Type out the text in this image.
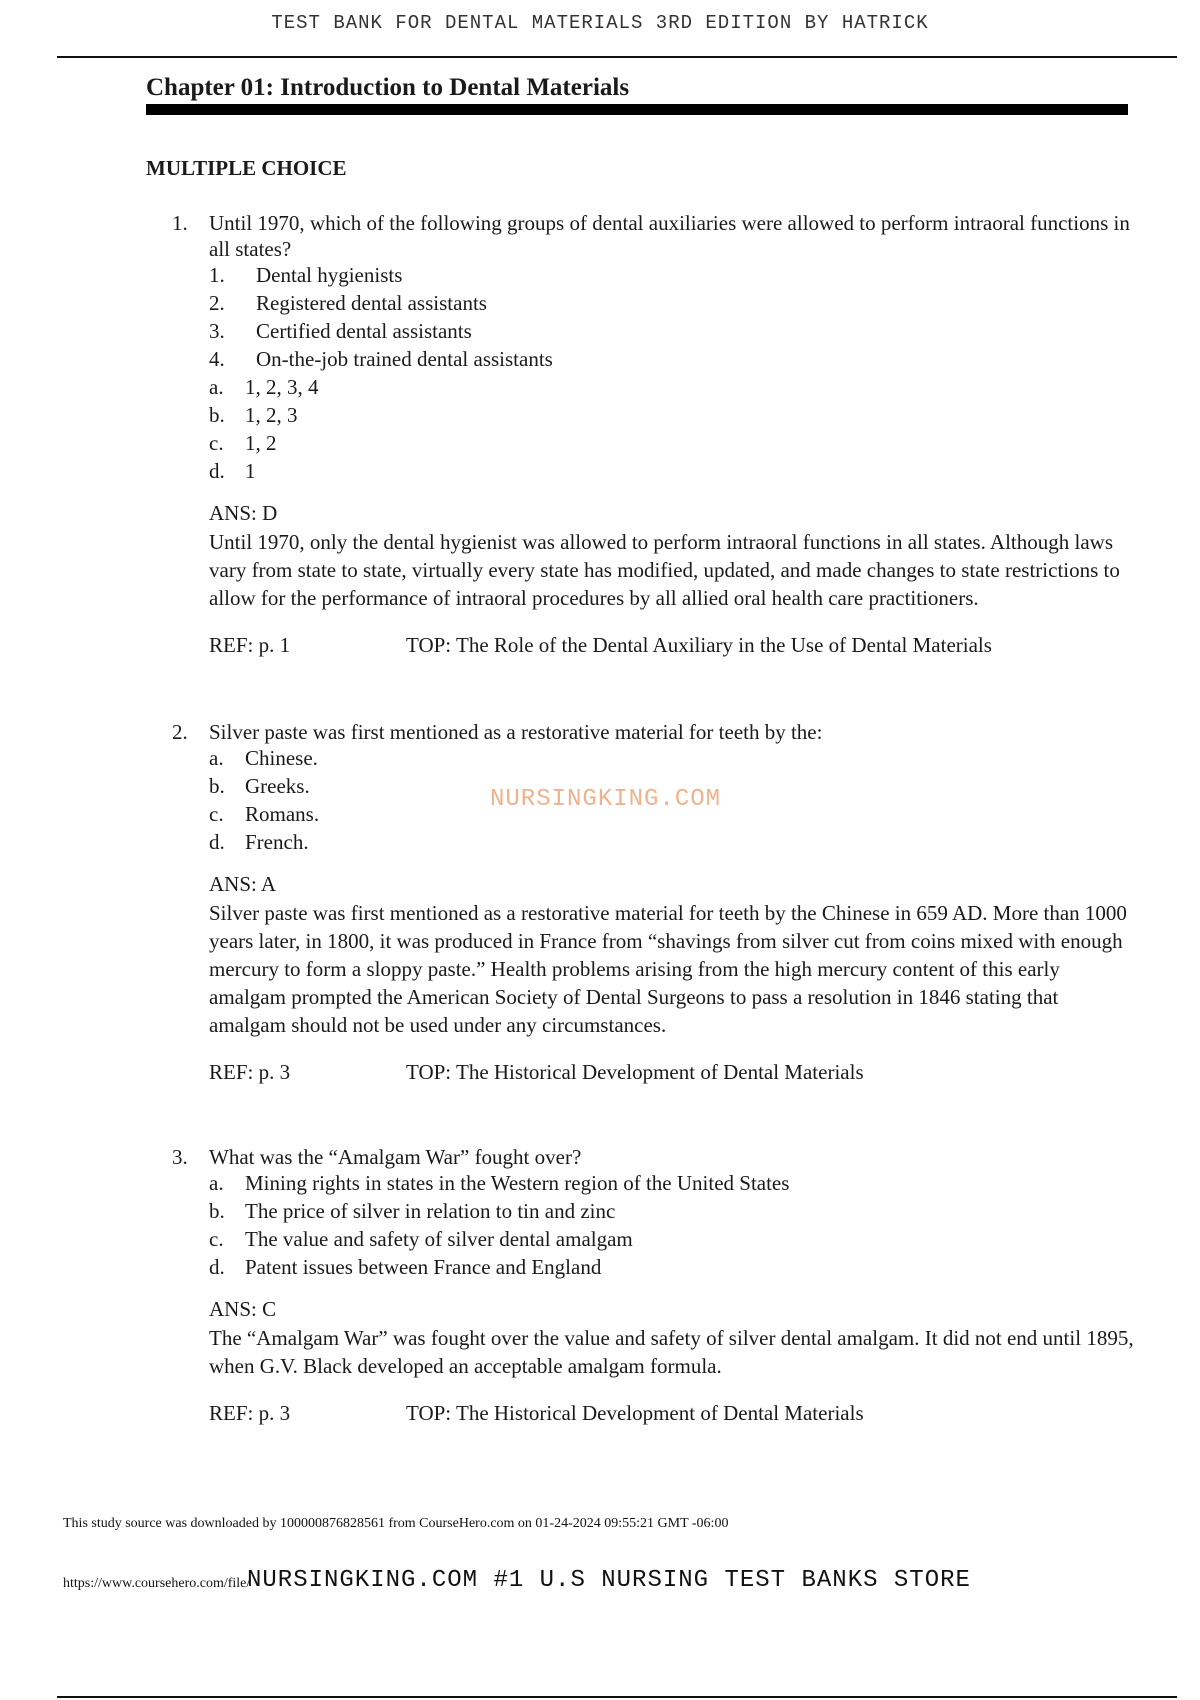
TEST BANK FOR DENTAL MATERIALS 3RD EDITION BY HATRICK
Chapter 01: Introduction to Dental Materials
MULTIPLE CHOICE
1. Until 1970, which of the following groups of dental auxiliaries were allowed to perform intraoral functions in all states?

1. Dental hygienists
2. Registered dental assistants
3. Certified dental assistants
4. On-the-job trained dental assistants
a. 1, 2, 3, 4
b. 1, 2, 3
c. 1, 2
d. 1
ANS: D

Until 1970, only the dental hygienist was allowed to perform intraoral functions in all states. Although laws vary from state to state, virtually every state has modified, updated, and made changes to state restrictions to allow for the performance of intraoral procedures by all allied oral health care practitioners.

REF: p. 1	TOP: The Role of the Dental Auxiliary in the Use of Dental Materials
2. Silver paste was first mentioned as a restorative material for teeth by the:

a. Chinese.
b. Greeks.
c. Romans.
d. French.
ANS: A

Silver paste was first mentioned as a restorative material for teeth by the Chinese in 659 AD. More than 1000 years later, in 1800, it was produced in France from “shavings from silver cut from coins mixed with enough mercury to form a sloppy paste.” Health problems arising from the high mercury content of this early amalgam prompted the American Society of Dental Surgeons to pass a resolution in 1846 stating that amalgam should not be used under any circumstances.

REF: p. 3	TOP: The Historical Development of Dental Materials
3. What was the “Amalgam War” fought over?

a. Mining rights in states in the Western region of the United States
b. The price of silver in relation to tin and zinc
c. The value and safety of silver dental amalgam
d. Patent issues between France and England
ANS: C

The “Amalgam War” was fought over the value and safety of silver dental amalgam. It did not end until 1895, when G.V. Black developed an acceptable amalgam formula.

REF: p. 3	TOP: The Historical Development of Dental Materials
NURSINGKING.COM
This study source was downloaded by 100000876828561 from CourseHero.com on 01-24-2024 09:55:21 GMT -06:00
https://www.coursehero.com/file/
NURSINGKING.COM #1 U.S NURSING TEST BANKS STORE
